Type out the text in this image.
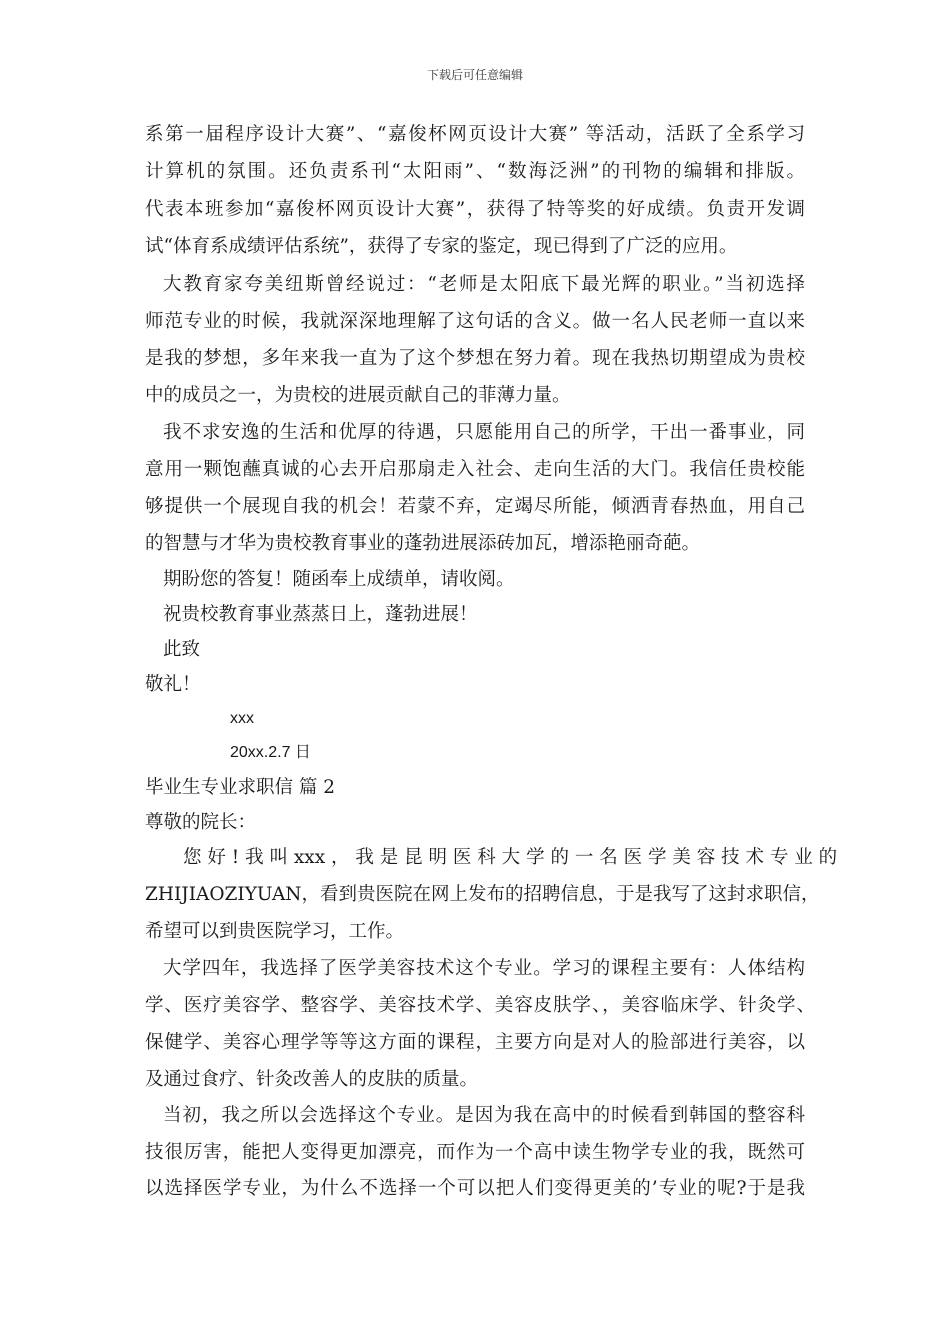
下载后可任意编辑
系第一届程序设计大赛”、“嘉俊杯网页设计大赛” 等活动，活跃了全系学习
计算机的氛围。还负责系刊“太阳雨”、“数海泛洲”的刊物的编辑和排版。
代表本班参加“嘉俊杯网页设计大赛”，获得了特等奖的好成绩。负责开发调
试“体育系成绩评估系统”，获得了专家的鉴定，现已得到了广泛的应用。
大教育家夸美纽斯曾经说过：“老师是太阳底下最光辉的职业。”当初选择
师范专业的时候，我就深深地理解了这句话的含义。做一名人民老师一直以来
是我的梦想，多年来我一直为了这个梦想在努力着。现在我热切期望成为贵校
中的成员之一，为贵校的进展贡献自己的菲薄力量。
我不求安逸的生活和优厚的待遇，只愿能用自己的所学，干出一番事业，同
意用一颗饱蘸真诚的心去开启那扇走入社会、走向生活的大门。我信任贵校能
够提供一个展现自我的机会！若蒙不弃，定竭尽所能，倾洒青春热血，用自己
的智慧与才华为贵校教育事业的蓬勃进展添砖加瓦，增添艳丽奇葩。
期盼您的答复！随函奉上成绩单，请收阅。
祝贵校教育事业蒸蒸日上，蓬勃进展！
此致
敬礼！
xxx
20xx.2.7 日
毕业生专业求职信 篇 2
尊敬的院长：
您 好 ! 我 叫 xxx ， 我 是 昆 明 医 科 大 学 的 一 名 医 学 美 容 技 术 专 业 的
ZHIJIAOZIYUAN，看到贵医院在网上发布的招聘信息，于是我写了这封求职信，
希望可以到贵医院学习，工作。
大学四年，我选择了医学美容技术这个专业。学习的课程主要有：人体结构
学、医疗美容学、整容学、美容技术学、美容皮肤学、，美容临床学、针灸学、
保健学、美容心理学等等这方面的课程，主要方向是对人的脸部进行美容，以
及通过食疗、针灸改善人的皮肤的质量。
当初，我之所以会选择这个专业。是因为我在高中的时候看到韩国的整容科
技很厉害，能把人变得更加漂亮，而作为一个高中读生物学专业的我，既然可
以选择医学专业，为什么不选择一个可以把人们变得更美的’专业的呢?于是我
